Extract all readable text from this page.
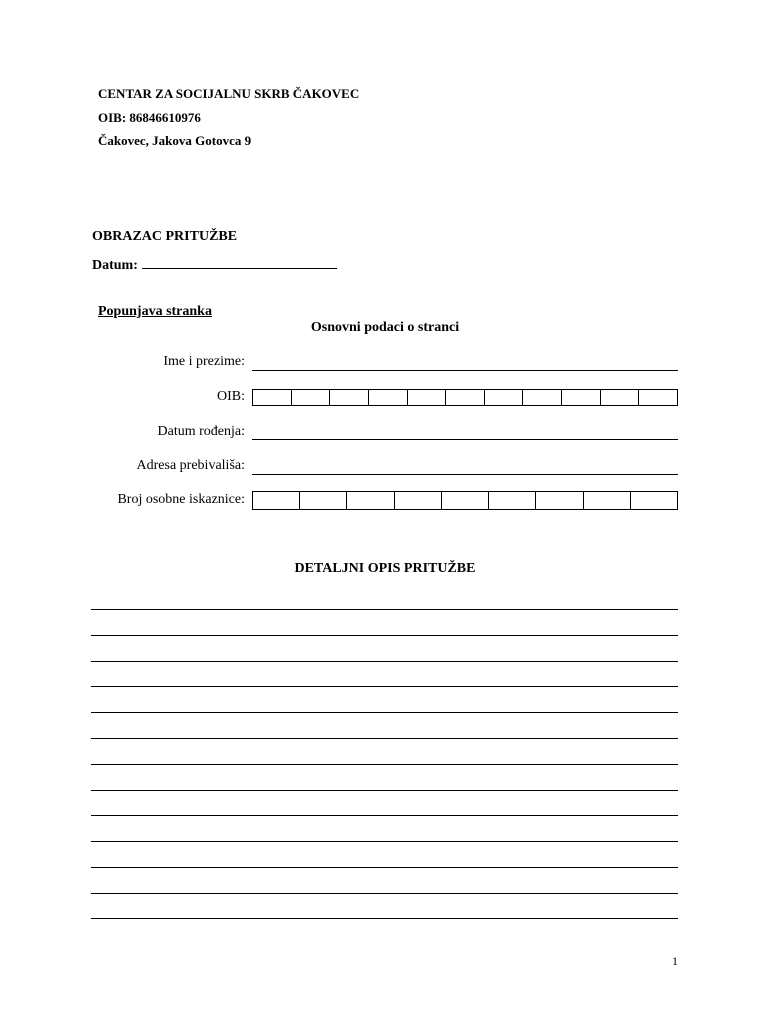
CENTAR ZA SOCIJALNU SKRB ČAKOVEC
OIB: 86846610976
Čakovec, Jakova Gotovca 9
OBRAZAC PRITUŽBE
Datum:
Popunjava stranka
Osnovni podaci o stranci
Ime i prezime:
OIB:
Datum rođenja:
Adresa prebivališa:
Broj osobne iskaznice:
DETALJNI OPIS PRITUŽBE
1
